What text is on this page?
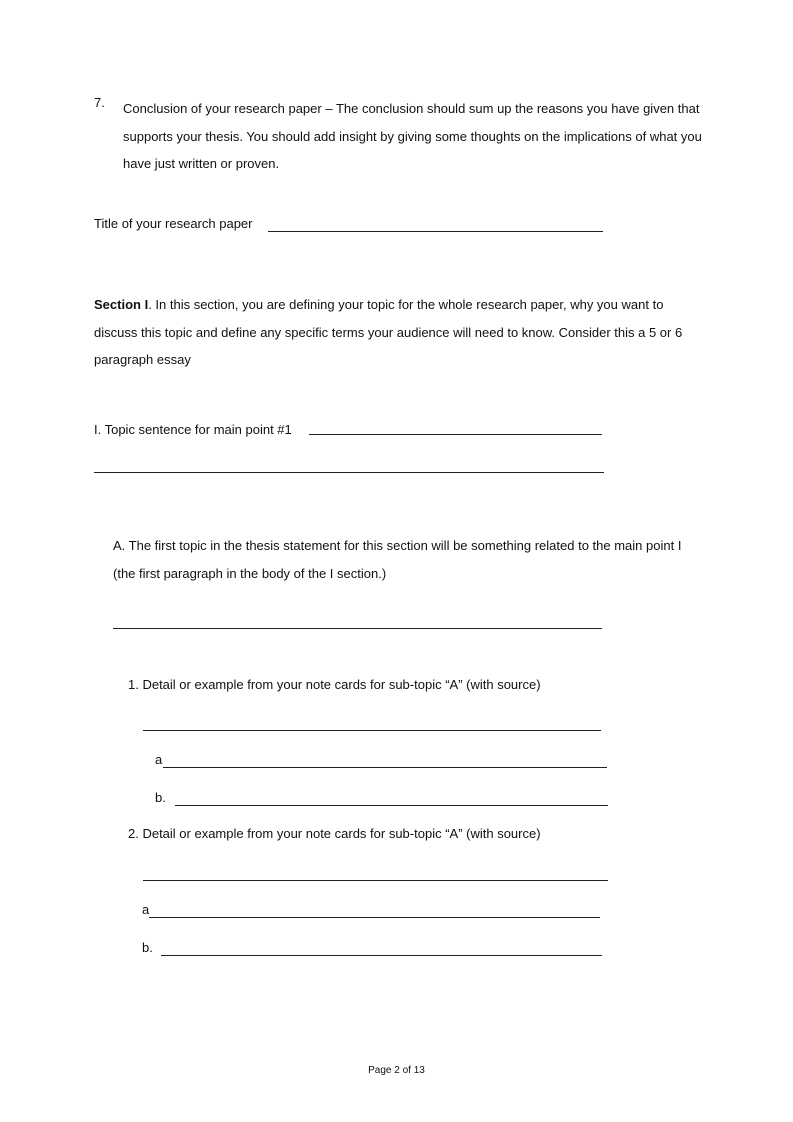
7. Conclusion of your research paper – The conclusion should sum up the reasons you have given that supports your thesis. You should add insight by giving some thoughts on the implications of what you have just written or proven.
Title of your research paper
Section I. In this section, you are defining your topic for the whole research paper, why you want to discuss this topic and define any specific terms your audience will need to know. Consider this a 5 or 6 paragraph essay
I. Topic sentence for main point #1
A. The first topic in the thesis statement for this section will be something related to the main point I (the first paragraph in the body of the I section.)
1. Detail or example from your note cards for sub-topic “A” (with source)
a
b.
2. Detail or example from your note cards for sub-topic “A” (with source)
a
b.
Page 2 of 13
